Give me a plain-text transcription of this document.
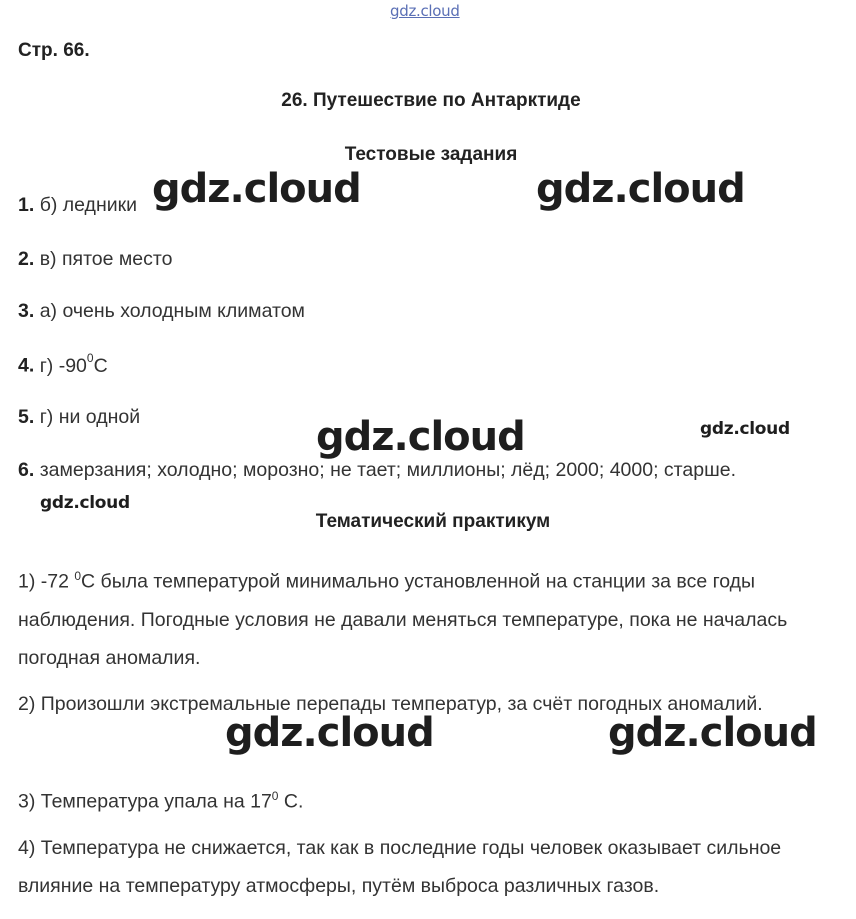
gdz.cloud
Стр. 66.
26. Путешествие по Антарктиде
Тестовые задания
1. б) ледники
2. в) пятое место
3. а) очень холодным климатом
4. г) $-90^0С$
5. г) ни одной
6. замерзания; холодно; морозно; не тает; миллионы; лёд; 2000; 4000; старше.
Тематический практикум
1) -72 $^0$С была температурой минимально установленной на станции за все годы наблюдения. Погодные условия не давали меняться температуре, пока не началась погодная аномалия.
2) Произошли экстремальные перепады температур, за счёт погодных аномалий.
3) Температура упала на $17^0$ С.
4) Температура не снижается, так как в последние годы человек оказывает сильное влияние на температуру атмосферы, путём выброса различных газов.
gdz.cloud	gdz.cloud
gdz.cloud	gdz.cloud
gdz.cloud
gdz.cloud	gdz.cloud
